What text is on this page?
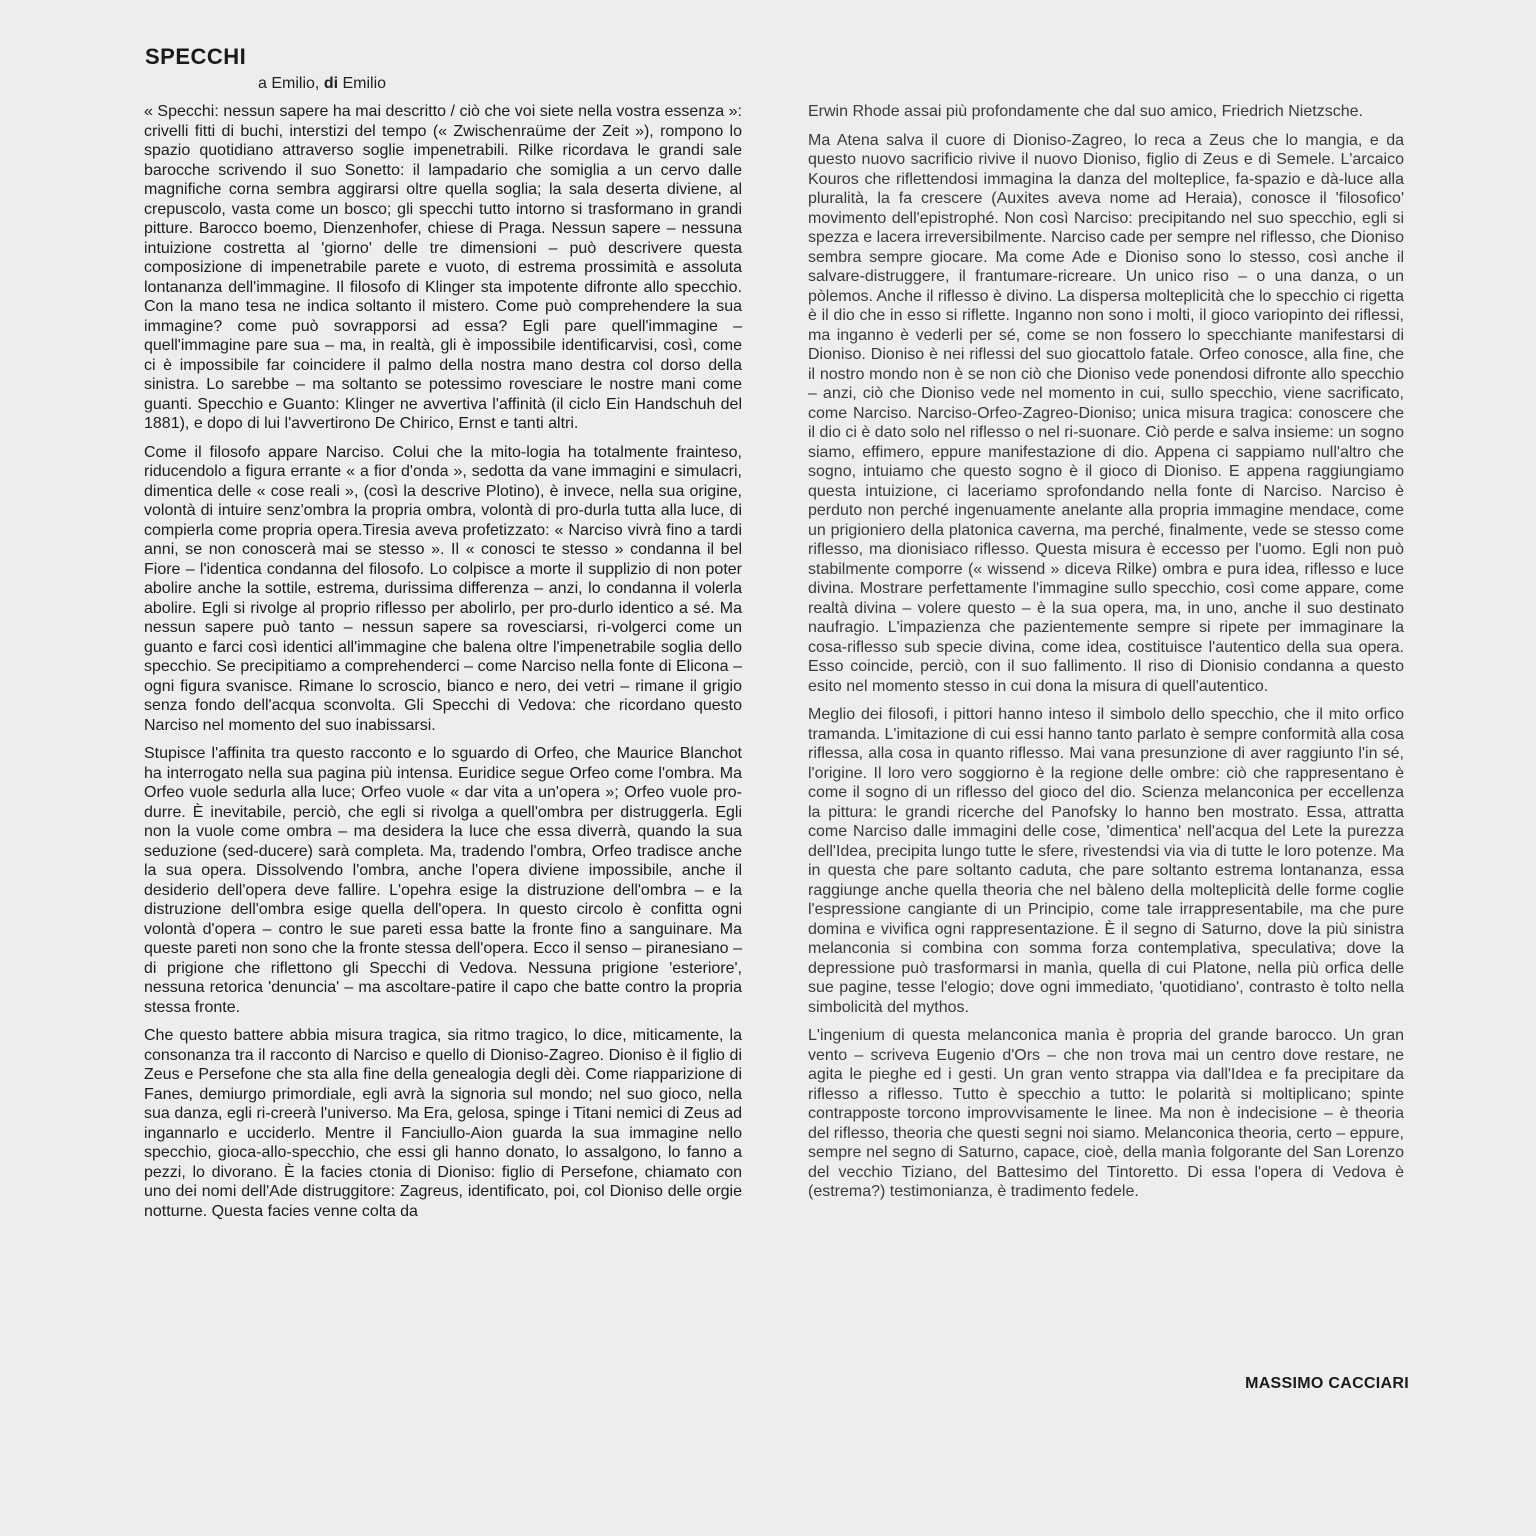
SPECCHI
a Emilio, di Emilio

« Specchi: nessun sapere ha mai descritto / ciò che voi siete nella vostra essenza »: crivelli fitti di buchi, interstizi del tempo (« Zwischenraüme der Zeit »), rompono lo spazio quotidiano attraverso soglie impenetrabili. Rilke ricordava le grandi sale barocche scrivendo il suo Sonetto: il lampadario che somiglia a un cervo dalle magnifiche corna sembra aggirarsi oltre quella soglia; la sala deserta diviene, al crepuscolo, vasta come un bosco; gli specchi tutto intorno si trasformano in grandi pitture. Barocco boemo, Dienzenhofer, chiese di Praga. Nessun sapere – nessuna intuizione costretta al 'giorno' delle tre dimensioni – può descrivere questa composizione di impenetrabile parete e vuoto, di estrema prossimità e assoluta lontananza dell'immagine. Il filosofo di Klinger sta impotente difronte allo specchio. Con la mano tesa ne indica soltanto il mistero. Come può comprehendere la sua immagine? come può sovrapporsi ad essa? Egli pare quell'immagine – quell'immagine pare sua – ma, in realtà, gli è impossibile identificarvisi, così, come ci è impossibile far coincidere il palmo della nostra mano destra col dorso della sinistra. Lo sarebbe – ma soltanto se potessimo rovesciare le nostre mani come guanti. Specchio e Guanto: Klinger ne avvertiva l'affinità (il ciclo Ein Handschuh del 1881), e dopo di lui l'avvertirono De Chirico, Ernst e tanti altri.

Come il filosofo appare Narciso. Colui che la mito-logia ha totalmente frainteso, riducendolo a figura errante « a fior d'onda », sedotta da vane immagini e simulacri, dimentica delle « cose reali », (così la descrive Plotino), è invece, nella sua origine, volontà di intuire senz'ombra la propria ombra, volontà di pro-durla tutta alla luce, di compierla come propria opera.Tiresia aveva profetizzato: « Narciso vivrà fino a tardi anni, se non conoscerà mai se stesso ». Il « conosci te stesso » condanna il bel Fiore – l'identica condanna del filosofo. Lo colpisce a morte il supplizio di non poter abolire anche la sottile, estrema, durissima differenza – anzi, lo condanna il volerla abolire. Egli si rivolge al proprio riflesso per abolirlo, per pro-durlo identico a sé. Ma nessun sapere può tanto – nessun sapere sa rovesciarsi, ri-volgerci come un guanto e farci così identici all'immagine che balena oltre l'impenetrabile soglia dello specchio. Se precipitiamo a comprehenderci – come Narciso nella fonte di Elicona – ogni figura svanisce. Rimane lo scroscio, bianco e nero, dei vetri – rimane il grigio senza fondo dell'acqua sconvolta. Gli Specchi di Vedova: che ricordano questo Narciso nel momento del suo inabissarsi.

Stupisce l'affinita tra questo racconto e lo sguardo di Orfeo, che Maurice Blanchot ha interrogato nella sua pagina più intensa. Euridice segue Orfeo come l'ombra. Ma Orfeo vuole sedurla alla luce; Orfeo vuole « dar vita a un'opera »; Orfeo vuole pro-durre. È inevitabile, perciò, che egli si rivolga a quell'ombra per distruggerla. Egli non la vuole come ombra – ma desidera la luce che essa diverrà, quando la sua seduzione (sed-ducere) sarà completa. Ma, tradendo l'ombra, Orfeo tradisce anche la sua opera. Dissolvendo l'ombra, anche l'opera diviene impossibile, anche il desiderio dell'opera deve fallire. L'opehra esige la distruzione dell'ombra – e la distruzione dell'ombra esige quella dell'opera. In questo circolo è confitta ogni volontà d'opera – contro le sue pareti essa batte la fronte fino a sanguinare. Ma queste pareti non sono che la fronte stessa dell'opera. Ecco il senso – piranesiano – di prigione che riflettono gli Specchi di Vedova. Nessuna prigione 'esteriore', nessuna retorica 'denuncia' – ma ascoltare-patire il capo che batte contro la propria stessa fronte.

Che questo battere abbia misura tragica, sia ritmo tragico, lo dice, miticamente, la consonanza tra il racconto di Narciso e quello di Dioniso-Zagreo. Dioniso è il figlio di Zeus e Persefone che sta alla fine della genealogia degli dèi. Come riapparizione di Fanes, demiurgo primordiale, egli avrà la signoria sul mondo; nel suo gioco, nella sua danza, egli ri-creerà l'universo. Ma Era, gelosa, spinge i Titani nemici di Zeus ad ingannarlo e ucciderlo. Mentre il Fanciullo-Aion guarda la sua immagine nello specchio, gioca-allo-specchio, che essi gli hanno donato, lo assalgono, lo fanno a pezzi, lo divorano. È la facies ctonia di Dioniso: figlio di Persefone, chiamato con uno dei nomi dell'Ade distruggitore: Zagreus, identificato, poi, col Dioniso delle orgie notturne. Questa facies venne colta da

Erwin Rhode assai più profondamente che dal suo amico, Friedrich Nietzsche.

Ma Atena salva il cuore di Dioniso-Zagreo, lo reca a Zeus che lo mangia, e da questo nuovo sacrificio rivive il nuovo Dioniso, figlio di Zeus e di Semele. L'arcaico Kouros che riflettendosi immagina la danza del molteplice, fa-spazio e dà-luce alla pluralità, la fa crescere (Auxites aveva nome ad Heraia), conosce il 'filosofico' movimento dell'epistrophé. Non così Narciso: precipitando nel suo specchio, egli si spezza e lacera irreversibilmente. Narciso cade per sempre nel riflesso, che Dioniso sembra sempre giocare. Ma come Ade e Dioniso sono lo stesso, così anche il salvare-distruggere, il frantumare-ricreare. Un unico riso – o una danza, o un pòlemos. Anche il riflesso è divino. La dispersa molteplicità che lo specchio ci rigetta è il dio che in esso si riflette. Inganno non sono i molti, il gioco variopinto dei riflessi, ma inganno è vederli per sé, come se non fossero lo specchiante manifestarsi di Dioniso. Dioniso è nei riflessi del suo giocattolo fatale. Orfeo conosce, alla fine, che il nostro mondo non è se non ciò che Dioniso vede ponendosi difronte allo specchio – anzi, ciò che Dioniso vede nel momento in cui, sullo specchio, viene sacrificato, come Narciso. Narciso-Orfeo-Zagreo-Dioniso; unica misura tragica: conoscere che il dio ci è dato solo nel riflesso o nel ri-suonare. Ciò perde e salva insieme: un sogno siamo, effimero, eppure manifestazione di dio. Appena ci sappiamo null'altro che sogno, intuiamo che questo sogno è il gioco di Dioniso. E appena raggiungiamo questa intuizione, ci laceriamo sprofondando nella fonte di Narciso. Narciso è perduto non perché ingenuamente anelante alla propria immagine mendace, come un prigioniero della platonica caverna, ma perché, finalmente, vede se stesso come riflesso, ma dionisiaco riflesso. Questa misura è eccesso per l'uomo. Egli non può stabilmente comporre (« wissend » diceva Rilke) ombra e pura idea, riflesso e luce divina. Mostrare perfettamente l'immagine sullo specchio, così come appare, come realtà divina – volere questo – è la sua opera, ma, in uno, anche il suo destinato naufragio. L'impazienza che pazientemente sempre si ripete per immaginare la cosa-riflesso sub specie divina, come idea, costituisce l'autentico della sua opera. Esso coincide, perciò, con il suo fallimento. Il riso di Dionisio condanna a questo esito nel momento stesso in cui dona la misura di quell'autentico.

Meglio dei filosofi, i pittori hanno inteso il simbolo dello specchio, che il mito orfico tramanda. L'imitazione di cui essi hanno tanto parlato è sempre conformità alla cosa riflessa, alla cosa in quanto riflesso. Mai vana presunzione di aver raggiunto l'in sé, l'origine. Il loro vero soggiorno è la regione delle ombre: ciò che rappresentano è come il sogno di un riflesso del gioco del dio. Scienza melanconica per eccellenza la pittura: le grandi ricerche del Panofsky lo hanno ben mostrato. Essa, attratta come Narciso dalle immagini delle cose, 'dimentica' nell'acqua del Lete la purezza dell'Idea, precipita lungo tutte le sfere, rivestendsi via via di tutte le loro potenze. Ma in questa che pare soltanto caduta, che pare soltanto estrema lontananza, essa raggiunge anche quella theoria che nel bàleno della molteplicità delle forme coglie l'espressione cangiante di un Principio, come tale irrappresentabile, ma che pure domina e vivifica ogni rappresentazione. È il segno di Saturno, dove la più sinistra melanconia si combina con somma forza contemplativa, speculativa; dove la depressione può trasformarsi in manìa, quella di cui Platone, nella più orfica delle sue pagine, tesse l'elogio; dove ogni immediato, 'quotidiano', contrasto è tolto nella simbolicità del mythos.

L'ingenium di questa melanconica manìa è propria del grande barocco. Un gran vento – scriveva Eugenio d'Ors – che non trova mai un centro dove restare, ne agita le pieghe ed i gesti. Un gran vento strappa via dall'Idea e fa precipitare da riflesso a riflesso. Tutto è specchio a tutto: le polarità si moltiplicano; spinte contrapposte torcono improvvisamente le linee. Ma non è indecisione – è theoria del riflesso, theoria che questi segni noi siamo. Melanconica theoria, certo – eppure, sempre nel segno di Saturno, capace, cioè, della manìa folgorante del San Lorenzo del vecchio Tiziano, del Battesimo del Tintoretto. Di essa l'opera di Vedova è (estrema?) testimonianza, è tradimento fedele.

MASSIMO CACCIARI
